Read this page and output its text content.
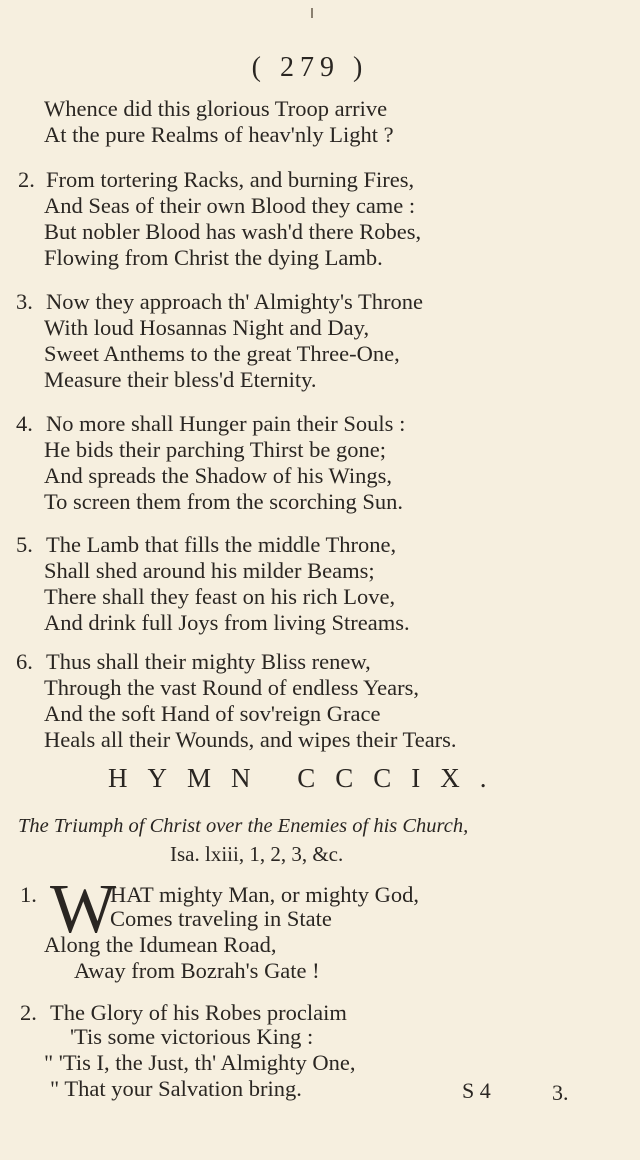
( 279 )
Whence did this glorious Troop arrive
At the pure Realms of heav'nly Light ?
2. From tortering Racks, and burning Fires,
And Seas of their own Blood they came :
But nobler Blood has wash'd there Robes,
Flowing from Christ the dying Lamb.
3. Now they approach th' Almighty's Throne
With loud Hosannas Night and Day,
Sweet Anthems to the great Three-One,
Measure their bless'd Eternity.
4. No more shall Hunger pain their Souls :
He bids their parching Thirst be gone;
And spreads the Shadow of his Wings,
To screen them from the scorching Sun.
5. The Lamb that fills the middle Throne,
Shall shed around his milder Beams;
There shall they feast on his rich Love,
And drink full Joys from living Streams.
6. Thus shall their mighty Bliss renew,
Through the vast Round of endless Years,
And the soft Hand of sov'reign Grace
Heals all their Wounds, and wipes their Tears.
HYMN CCCIX.
The Triumph of Christ over the Enemies of his Church,
Isa. lxiii, 1, 2, 3, &c.
1. W
HAT mighty Man, or mighty God,
Comes traveling in State
Along the Idumean Road,
Away from Bozrah's Gate !
2. The Glory of his Robes proclaim
'Tis some victorious King :
" 'Tis I, the Just, th' Almighty One,
" That your Salvation bring.	S 4	3.
